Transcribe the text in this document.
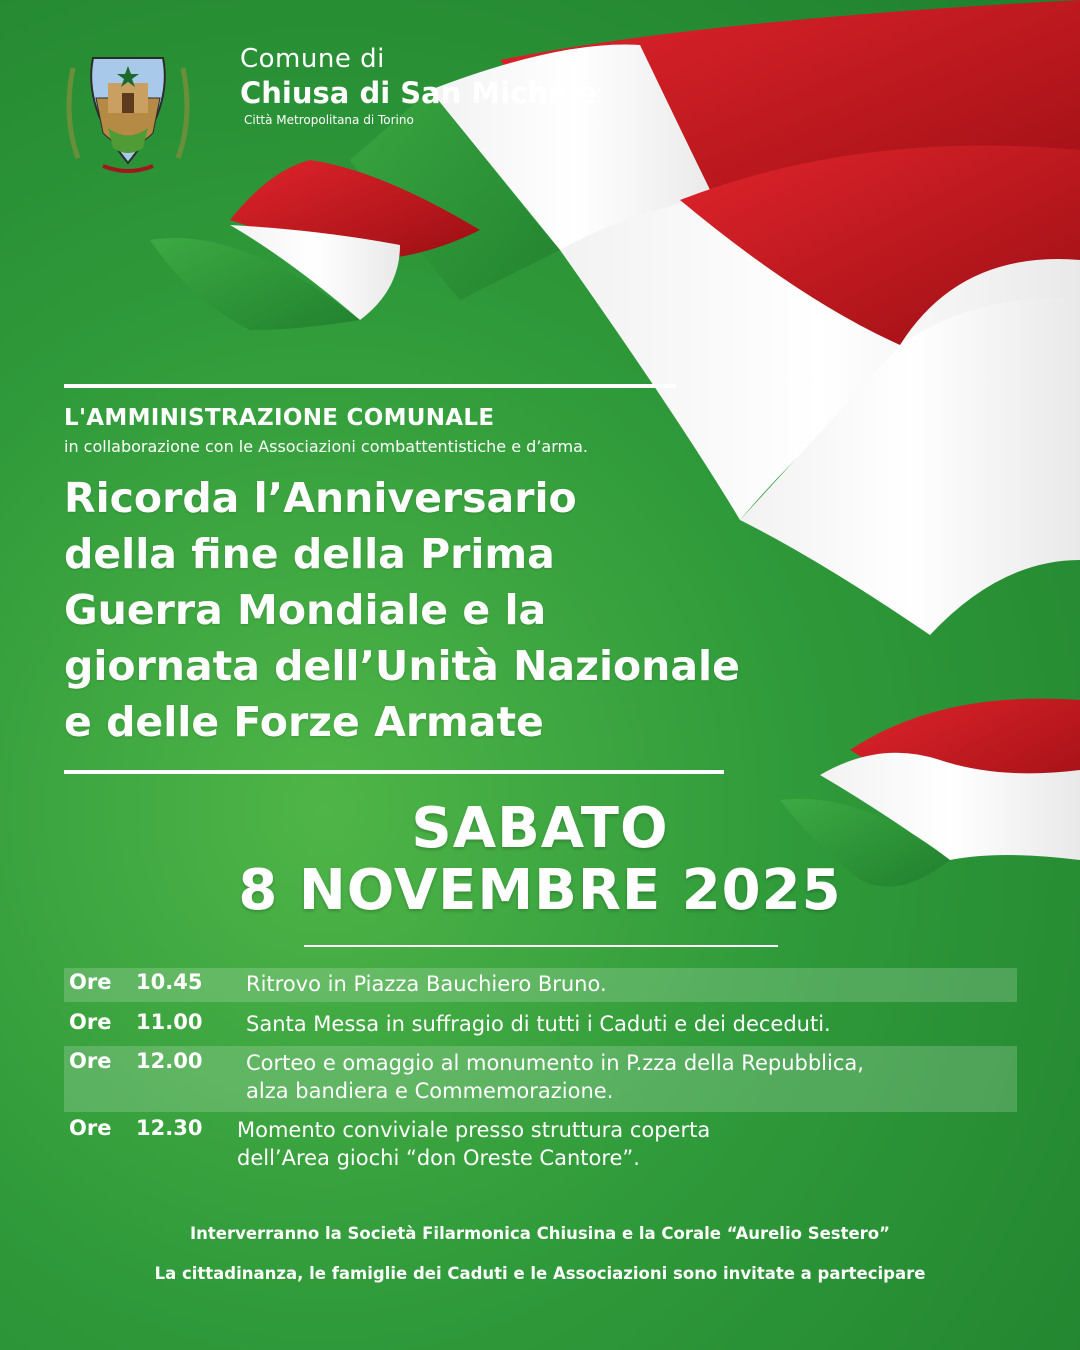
Comune di
Chiusa di San Michele
Città Metropolitana di Torino
L'AMMINISTRAZIONE COMUNALE
in collaborazione con le Associazioni combattentistiche e d’arma.
Ricorda l’Anniversario
della fine della Prima
Guerra Mondiale e la
giornata dell’Unità Nazionale
e delle Forze Armate
SABATO
8 NOVEMBRE 2025
Ore 10.45 Ritrovo in Piazza Bauchiero Bruno.
Ore 11.00 Santa Messa in suffragio di tutti i Caduti e dei deceduti.
Ore 12.00 Corteo e omaggio al monumento in P.zza della Repubblica,
alza bandiera e Commemorazione.
Ore 12.30 Momento conviviale presso struttura coperta
dell’Area giochi “don Oreste Cantore”.
Interverranno la Società Filarmonica Chiusina e la Corale “Aurelio Sestero”
La cittadinanza, le famiglie dei Caduti e le Associazioni sono invitate a partecipare
